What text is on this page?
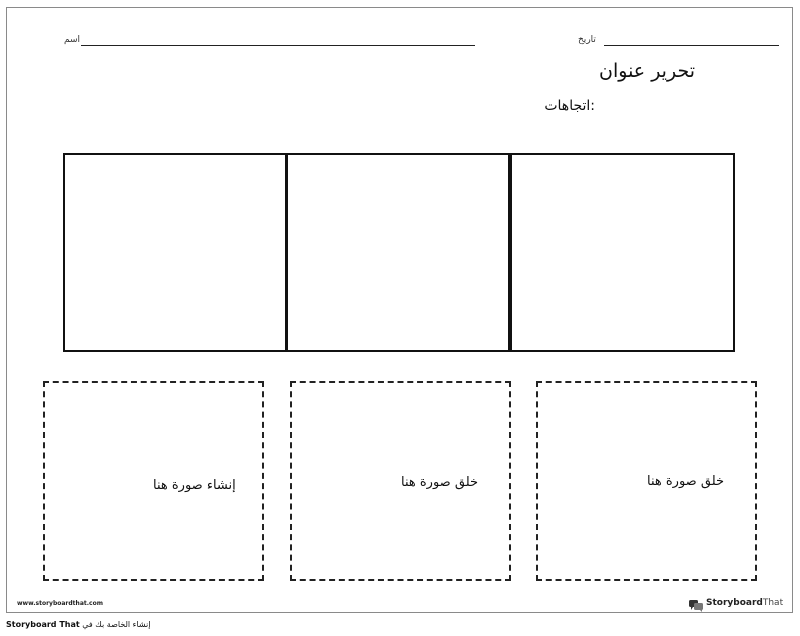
اسم	تاريخ
تحرير عنوان
اتجاهات:
إنشاء صورة هنا	خلق صورة هنا	خلق صورة هنا
www.storyboardthat.com	StoryboardThat
Storyboard That إنشاء الخاصة بك في
